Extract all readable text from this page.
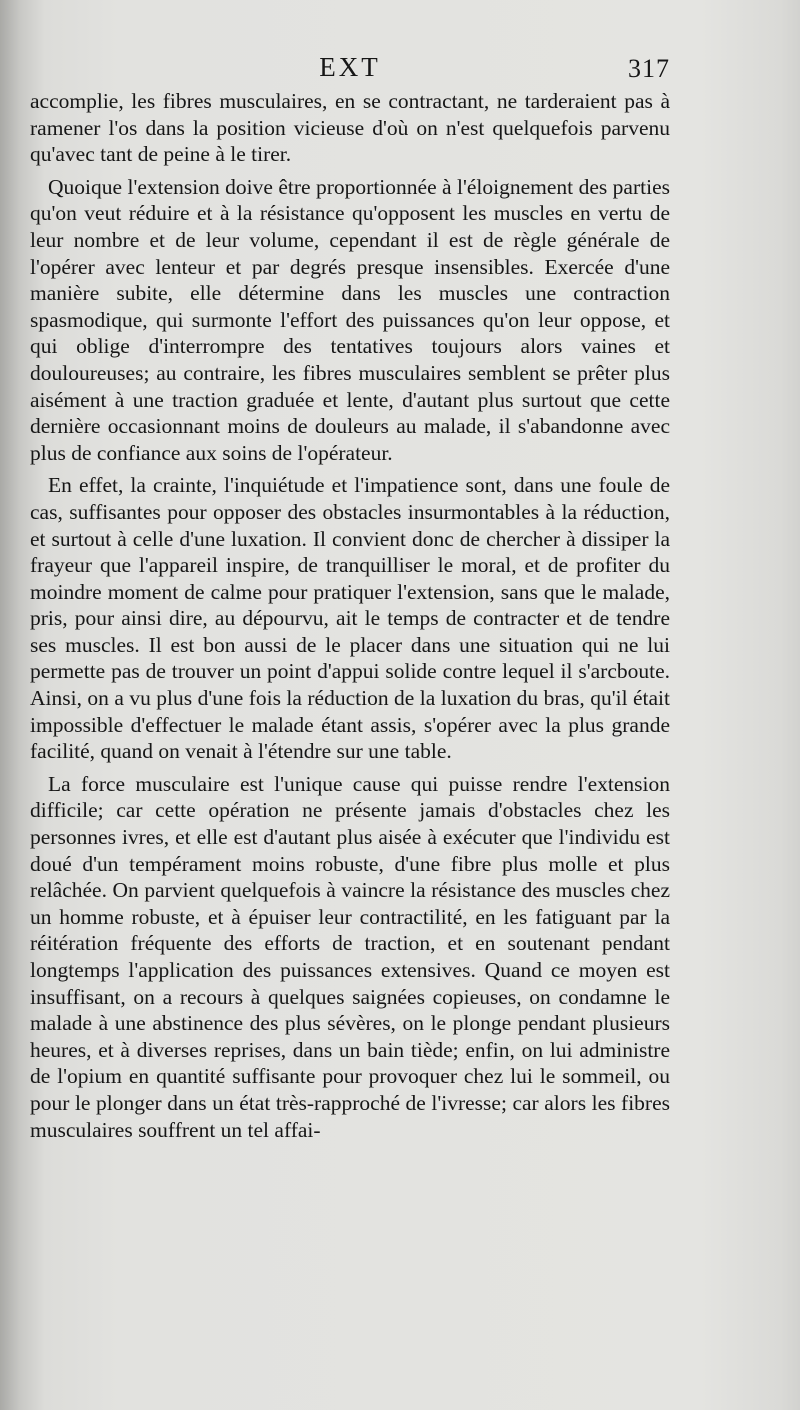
EXT	317

accomplie, les fibres musculaires, en se contractant, ne tarderaient pas à ramener l'os dans la position vicieuse d'où on n'est quelquefois parvenu qu'avec tant de peine à le tirer.

Quoique l'extension doive être proportionnée à l'éloignement des parties qu'on veut réduire et à la résistance qu'opposent les muscles en vertu de leur nombre et de leur volume, cependant il est de règle générale de l'opérer avec lenteur et par degrés presque insensibles. Exercée d'une manière subite, elle détermine dans les muscles une contraction spasmodique, qui surmonte l'effort des puissances qu'on leur oppose, et qui oblige d'interrompre des tentatives toujours alors vaines et douloureuses; au contraire, les fibres musculaires semblent se prêter plus aisément à une traction graduée et lente, d'autant plus surtout que cette dernière occasionnant moins de douleurs au malade, il s'abandonne avec plus de confiance aux soins de l'opérateur.

En effet, la crainte, l'inquiétude et l'impatience sont, dans une foule de cas, suffisantes pour opposer des obstacles insurmontables à la réduction, et surtout à celle d'une luxation. Il convient donc de chercher à dissiper la frayeur que l'appareil inspire, de tranquilliser le moral, et de profiter du moindre moment de calme pour pratiquer l'extension, sans que le malade, pris, pour ainsi dire, au dépourvu, ait le temps de contracter et de tendre ses muscles. Il est bon aussi de le placer dans une situation qui ne lui permette pas de trouver un point d'appui solide contre lequel il s'arcboute. Ainsi, on a vu plus d'une fois la réduction de la luxation du bras, qu'il était impossible d'effectuer le malade étant assis, s'opérer avec la plus grande facilité, quand on venait à l'étendre sur une table.

La force musculaire est l'unique cause qui puisse rendre l'extension difficile; car cette opération ne présente jamais d'obstacles chez les personnes ivres, et elle est d'autant plus aisée à exécuter que l'individu est doué d'un tempérament moins robuste, d'une fibre plus molle et plus relâchée. On parvient quelquefois à vaincre la résistance des muscles chez un homme robuste, et à épuiser leur contractilité, en les fatiguant par la réitération fréquente des efforts de traction, et en soutenant pendant longtemps l'application des puissances extensives. Quand ce moyen est insuffisant, on a recours à quelques saignées copieuses, on condamne le malade à une abstinence des plus sévères, on le plonge pendant plusieurs heures, et à diverses reprises, dans un bain tiède; enfin, on lui administre de l'opium en quantité suffisante pour provoquer chez lui le sommeil, ou pour le plonger dans un état très-rapproché de l'ivresse; car alors les fibres musculaires souffrent un tel affai-
